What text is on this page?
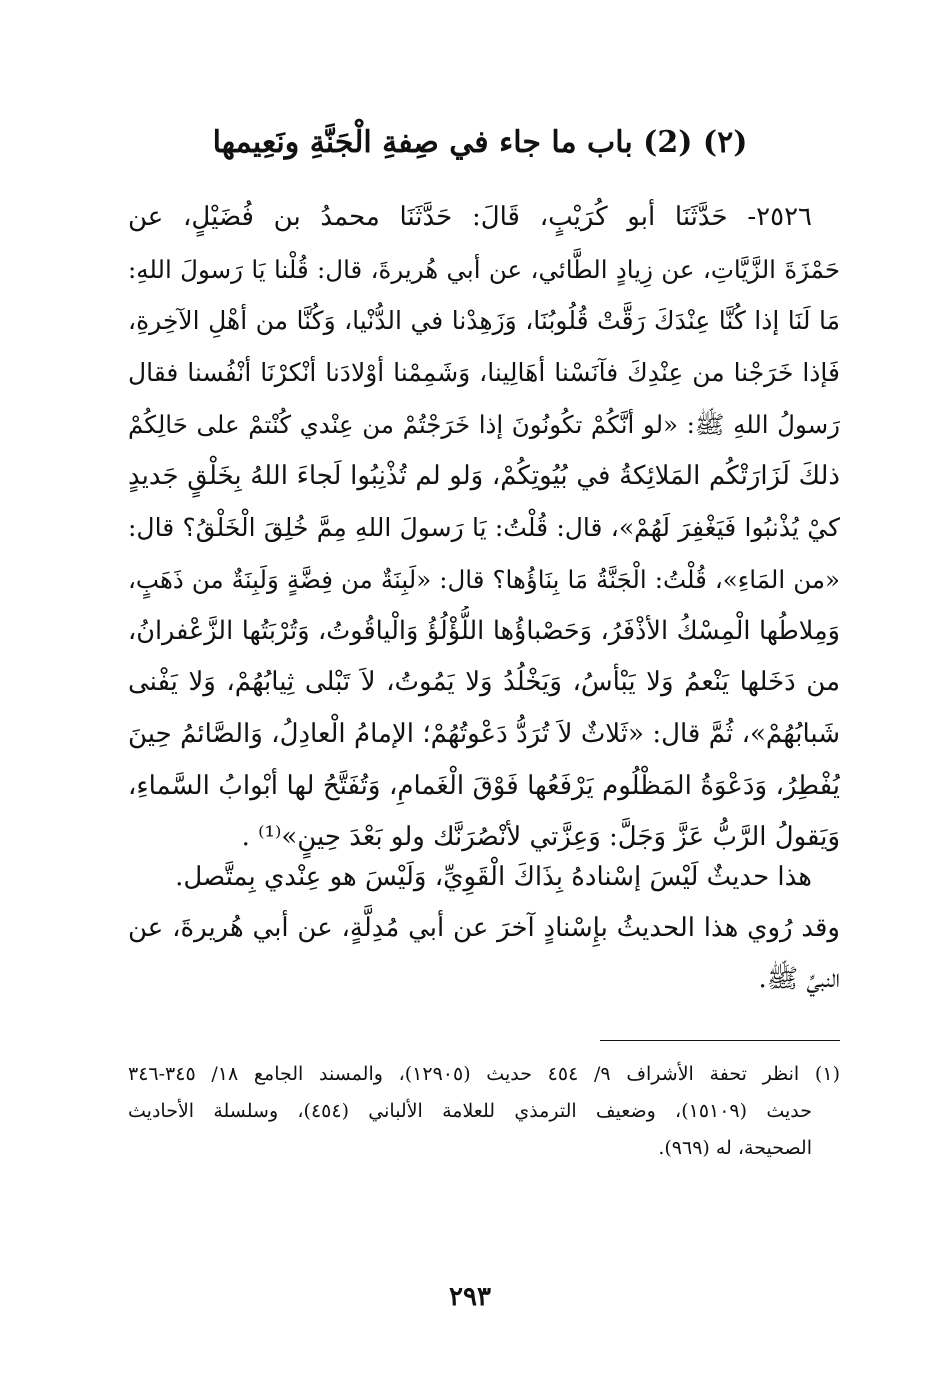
(٢) (2) باب ما جاء في صِفةِ الْجَنَّةِ ونَعِيمها
٢٥٢٦- حَدَّثَنَا أبو كُرَيْبٍ، قَالَ: حَدَّثَنَا محمدُ بن فُضَيْلٍ، عن
حَمْزَةَ الزَّيَّاتِ، عن زِيادٍ الطَّائي، عن أبي هُريرةَ، قال: قُلْنا يَا رَسولَ اللهِ:
مَا لَنَا إذا كُنَّا عِنْدَكَ رَقَّتْ قُلُوبُنَا، وَزَهِدْنا في الدُّنْيا، وَكُنَّا من أهْلِ الآخِرةِ،
فَإذا خَرَجْنا من عِنْدِكَ فآنَسْنا أهَالِينا، وَشَمِمْنا أوْلادَنا أنْكرْنَا أنْفُسنا فقال
رَسولُ اللهِ ﷺ: «لو أنَّكُمْ تكُونُونَ إذا خَرَجْتُمْ من عِنْدي كُنْتمْ على حَالِكُمْ
ذلكَ لَزَارَتْكُم المَلائِكةُ في بُيُوتِكُمْ، وَلو لم تُذْنِبُوا لَجاءَ اللهُ بِخَلْقٍ جَديدٍ
كيْ يُذْنبُوا فَيَغْفِرَ لَهُمْ»، قال: قُلْتُ: يَا رَسولَ اللهِ مِمَّ خُلِقَ الْخَلْقُ؟ قال:
«من المَاءِ»، قُلْتُ: الْجَنَّةُ مَا بِنَاؤُها؟ قال: «لَبِنَةٌ من فِضَّةٍ وَلَبِنَةٌ من ذَهَبٍ،
وَمِلاطُها الْمِسْكُ الأذْفَرُ، وَحَصْباؤُها اللُّؤْلُؤُ وَالْياقُوتُ، وَتُرْبَتُها الزَّعْفرانُ،
من دَخَلها يَنْعمُ وَلا يَبْأسُ، وَيَخْلُدُ وَلا يَمُوتُ، لاَ تَبْلى ثِيابُهُمْ، وَلا يَفْنى
شَبابُهُمْ»، ثُمَّ قال: «ثَلاثٌ لاَ تُرَدُّ دَعْوتُهُمْ؛ الإمامُ الْعادِلُ، وَالصَّائمُ حِينَ
يُفْطِرُ، وَدَعْوَةُ المَظْلُوم يَرْفَعُها فَوْقَ الْغَمامِ، وَتُفَتَّحُ لها أبْوابُ السَّماءِ،
وَيَقولُ الرَّبُّ عَزَّ وَجَلَّ: وَعِزَّتي لأنْصُرَنَّك ولو بَعْدَ حِينٍ»⁽¹⁾ .
هذا حديثٌ لَيْسَ إسْنادهُ بِذَاكَ الْقَوِيِّ، وَلَيْسَ هو عِنْدي بِمتَّصل.
وقد رُوي هذا الحديثُ بإِسْنادٍ آخرَ عن أبي مُدِلَّةٍ، عن أبي هُريرةَ، عن
النبيِّ ﷺ.
(١) انظر تحفة الأشراف ٩/ ٤٥٤ حديث (١٢٩٠٥)، والمسند الجامع ١٨/ ٣٤٥-٣٤٦
حديث (١٥١٠٩)، وضعيف الترمذي للعلامة الألباني (٤٥٤)، وسلسلة الأحاديث
الصحيحة، له (٩٦٩).
٢٩٣
